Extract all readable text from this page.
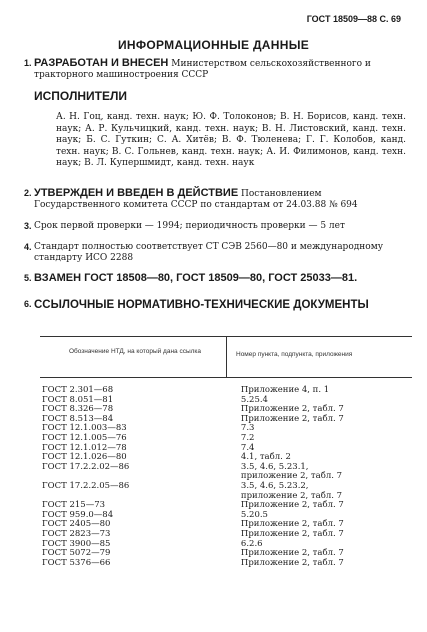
ГОСТ 18509—88 С. 69
ИНФОРМАЦИОННЫЕ ДАННЫЕ
1. РАЗРАБОТАН И ВНЕСЕН Министерством сельскохозяйственного и тракторного машиностроения СССР
ИСПОЛНИТЕЛИ
А. Н. Гоц, канд. техн. наук; Ю. Ф. Толоконов; В. Н. Борисов, канд. техн. наук; А. Р. Кульчицкий, канд. техн. наук; В. Н. Листовский, канд. техн. наук; Б. С. Гуткин; С. А. Хитёв; В. Ф. Тюленева; Г. Г. Колобов, канд. техн. наук; В. С. Гольнев, канд. техн. наук; А. И. Филимонов, канд. техн. наук; В. Л. Купершмидт, канд. техн. наук
2. УТВЕРЖДЕН И ВВЕДЕН В ДЕЙСТВИЕ Постановлением Государственного комитета СССР по стандартам от 24.03.88 № 694
3. Срок первой проверки — 1994; периодичность проверки — 5 лет
4. Стандарт полностью соответствует СТ СЭВ 2560—80 и международному стандарту ИСО 2288
5. ВЗАМЕН ГОСТ 18508—80, ГОСТ 18509—80, ГОСТ 25033—81.
6. ССЫЛОЧНЫЕ НОРМАТИВНО-ТЕХНИЧЕСКИЕ ДОКУМЕНТЫ
Обозначение НТД, на который дана ссылка	Номер пункта, подпункта, приложения
ГОСТ 2.301—68	Приложение 4, п. 1
ГОСТ 8.051—81	5.25.4
ГОСТ 8.326—78	Приложение 2, табл. 7
ГОСТ 8.513—84	Приложение 2, табл. 7
ГОСТ 12.1.003—83	7.3
ГОСТ 12.1.005—76	7.2
ГОСТ 12.1.012—78	7.4
ГОСТ 12.1.026—80	4.1, табл. 2
ГОСТ 17.2.2.02—86	3.5, 4.6, 5.23.1,
приложение 2, табл. 7
ГОСТ 17.2.2.05—86	3.5, 4.6, 5.23.2,
приложение 2, табл. 7
ГОСТ 215—73	Приложение 2, табл. 7
ГОСТ 959.0—84	5.20.5
ГОСТ 2405—80	Приложение 2, табл. 7
ГОСТ 2823—73	Приложение 2, табл. 7
ГОСТ 3900—85	6.2.6
ГОСТ 5072—79	Приложение 2, табл. 7
ГОСТ 5376—66	Приложение 2, табл. 7
